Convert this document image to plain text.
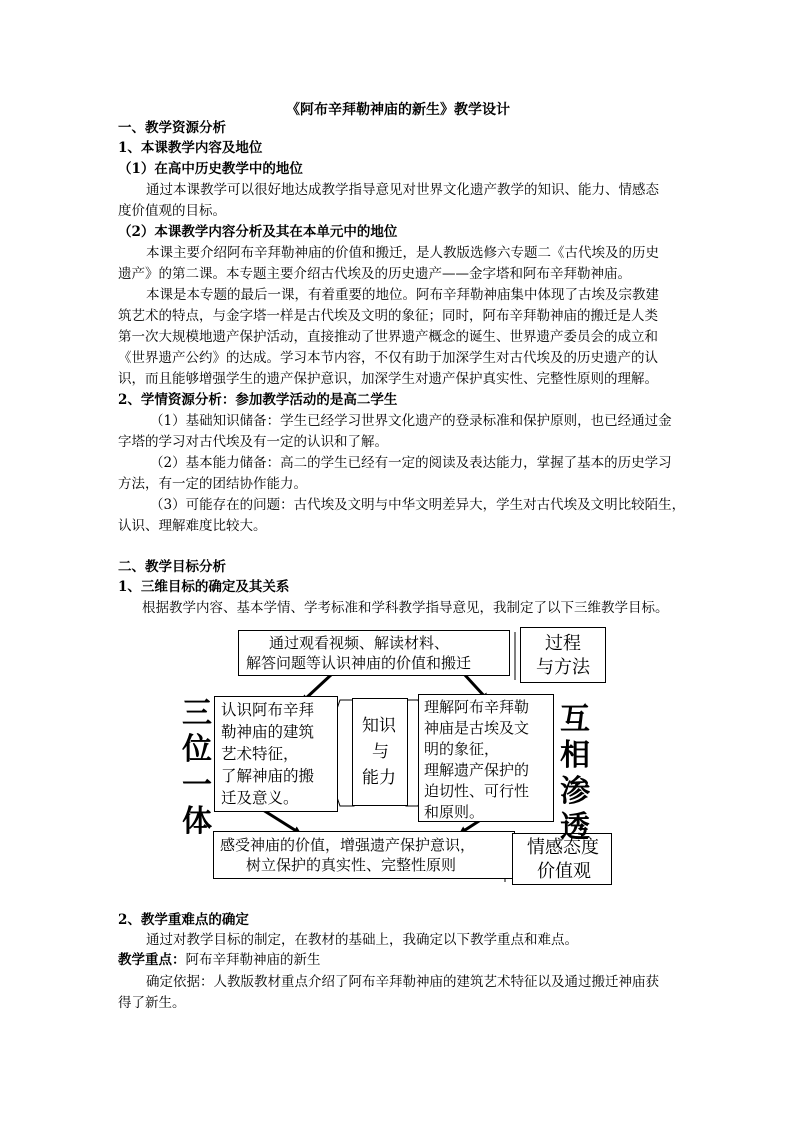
《阿布辛拜勒神庙的新生》教学设计
一、教学资源分析
1、本课教学内容及地位
（1）在高中历史教学中的地位
通过本课教学可以很好地达成教学指导意见对世界文化遗产教学的知识、能力、情感态
度价值观的目标。
（2）本课教学内容分析及其在本单元中的地位
本课主要介绍阿布辛拜勒神庙的价值和搬迁，是人教版选修六专题二《古代埃及的历史
遗产》的第二课。本专题主要介绍古代埃及的历史遗产——金字塔和阿布辛拜勒神庙。
本课是本专题的最后一课，有着重要的地位。阿布辛拜勒神庙集中体现了古埃及宗教建
筑艺术的特点，与金字塔一样是古代埃及文明的象征；同时，阿布辛拜勒神庙的搬迁是人类
第一次大规模地遗产保护活动，直接推动了世界遗产概念的诞生、世界遗产委员会的成立和
《世界遗产公约》的达成。学习本节内容，不仅有助于加深学生对古代埃及的历史遗产的认
识，而且能够增强学生的遗产保护意识，加深学生对遗产保护真实性、完整性原则的理解。
2、学情资源分析：参加教学活动的是高二学生
（1）基础知识储备：学生已经学习世界文化遗产的登录标准和保护原则，也已经通过金
字塔的学习对古代埃及有一定的认识和了解。
（2）基本能力储备：高二的学生已经有一定的阅读及表达能力，掌握了基本的历史学习
方法，有一定的团结协作能力。
（3）可能存在的问题：古代埃及文明与中华文明差异大，学生对古代埃及文明比较陌生，
认识、理解难度比较大。
二、教学目标分析
1、三维目标的确定及其关系
根据教学内容、基本学情、学考标准和学科教学指导意见，我制定了以下三维教学目标。
通过观看视频、解读材料、
解答问题等认识神庙的价值和搬迁
过程
与方法
认识阿布辛拜
勒神庙的建筑
艺术特征，
了解神庙的搬
迁及意义。
知识
与
能力
理解阿布辛拜勒
神庙是古埃及文
明的象征，
理解遗产保护的
迫切性、可行性
和原则。
感受神庙的价值，增强遗产保护意识，
树立保护的真实性、完整性原则
情感态度
价值观
三
位
一
体
互
相
渗
透
2、教学重难点的确定
通过对教学目标的制定，在教材的基础上，我确定以下教学重点和难点。
教学重点：阿布辛拜勒神庙的新生
确定依据：人教版教材重点介绍了阿布辛拜勒神庙的建筑艺术特征以及通过搬迁神庙获
得了新生。
